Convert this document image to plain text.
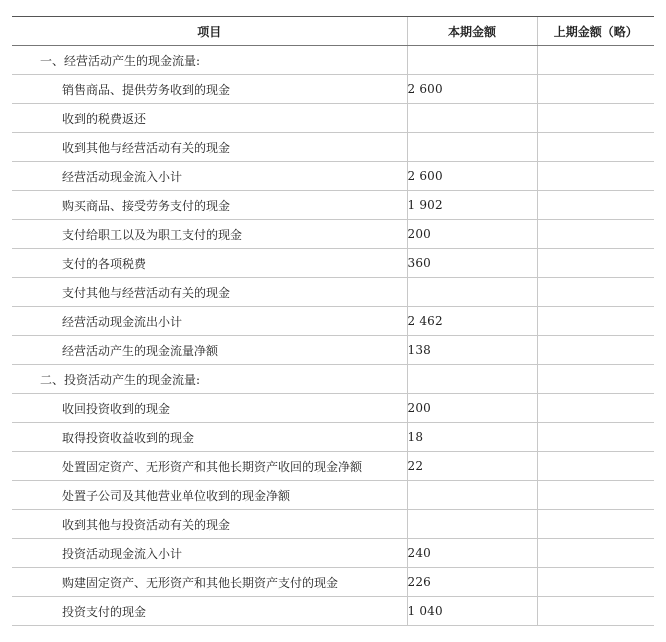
项目	本期金额	上期金额（略）
一、经营活动产生的现金流量:		
销售商品、提供劳务收到的现金	2 600	
收到的税费返还		
收到其他与经营活动有关的现金		
经营活动现金流入小计	2 600	
购买商品、接受劳务支付的现金	1 902	
支付给职工以及为职工支付的现金	200	
支付的各项税费	360	
支付其他与经营活动有关的现金		
经营活动现金流出小计	2 462	
经营活动产生的现金流量净额	138	
二、投资活动产生的现金流量:		
收回投资收到的现金	200	
取得投资收益收到的现金	18	
处置固定资产、无形资产和其他长期资产收回的现金净额	22	
处置子公司及其他营业单位收到的现金净额		
收到其他与投资活动有关的现金		
投资活动现金流入小计	240	
购建固定资产、无形资产和其他长期资产支付的现金	226	
投资支付的现金	1 040	
